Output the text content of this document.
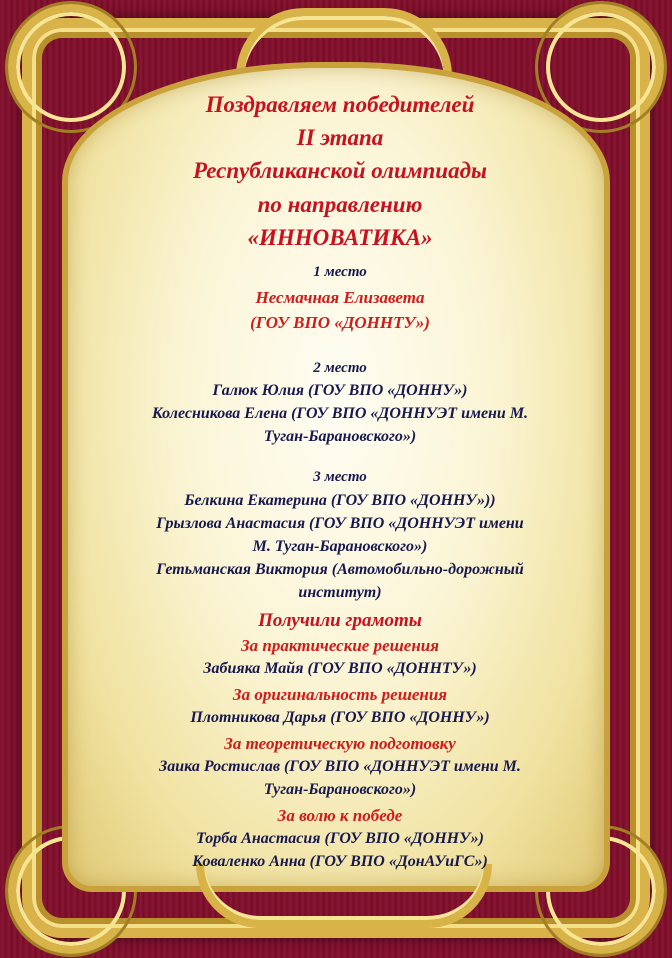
Поздравляем победителей
II этапа
Республиканской олимпиады
по направлению
«ИННОВАТИКА»
1 место
Несмачная Елизавета
(ГОУ ВПО «ДОННТУ»)
2 место
Галюк Юлия (ГОУ ВПО «ДОННУ»)
Колесникова Елена (ГОУ ВПО «ДОННУЭТ имени М.
Туган-Барановского»)
3 место
Белкина Екатерина (ГОУ ВПО «ДОННУ»))
Грызлова Анастасия (ГОУ ВПО «ДОННУЭТ имени
М. Туган-Барановского»)
Гетьманская Виктория (Автомобильно-дорожный
институт)
Получили грамоты
За практические решения
Забияка Майя (ГОУ ВПО «ДОННТУ»)
За оригинальность решения
Плотникова Дарья (ГОУ ВПО «ДОННУ»)
За теоретическую подготовку
Заика Ростислав (ГОУ ВПО «ДОННУЭТ имени М.
Туган-Барановского»)
За волю к победе
Торба Анастасия (ГОУ ВПО «ДОННУ»)
Коваленко Анна (ГОУ ВПО «ДонАУиГС»)
